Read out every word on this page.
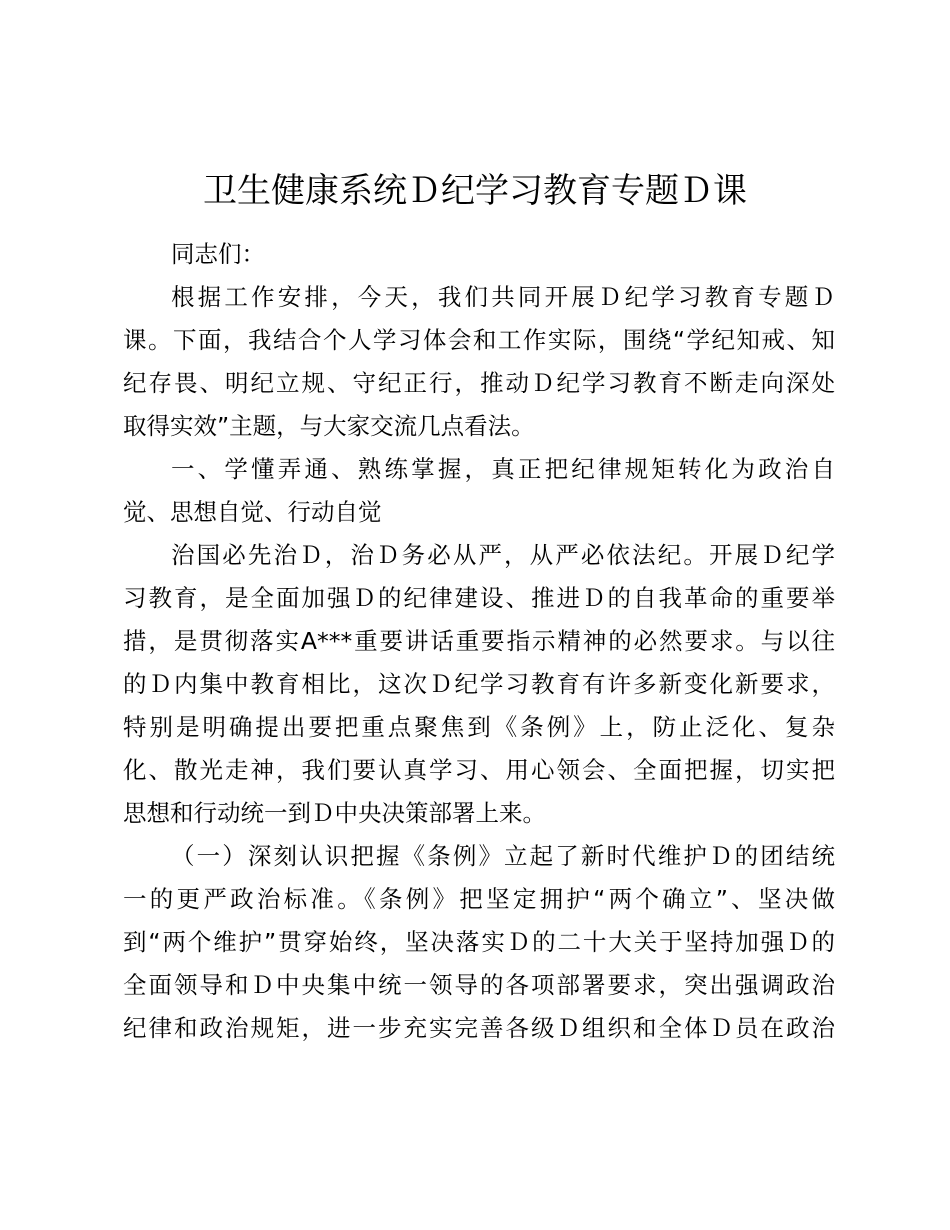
卫生健康系统Ｄ纪学习教育专题Ｄ课
同志们：
根据工作安排，今天，我们共同开展Ｄ纪学习教育专题Ｄ
课。下面，我结合个人学习体会和工作实际，围绕“学纪知戒、知
纪存畏、明纪立规、守纪正行，推动Ｄ纪学习教育不断走向深处
取得实效”主题，与大家交流几点看法。
一、学懂弄通、熟练掌握，真正把纪律规矩转化为政治自
觉、思想自觉、行动自觉
治国必先治Ｄ，治Ｄ务必从严，从严必依法纪。开展Ｄ纪学
习教育，是全面加强Ｄ的纪律建设、推进Ｄ的自我革命的重要举
措，是贯彻落实A***重要讲话重要指示精神的必然要求。与以往
的Ｄ内集中教育相比，这次Ｄ纪学习教育有许多新变化新要求，
特别是明确提出要把重点聚焦到《条例》上，防止泛化、复杂
化、散光走神，我们要认真学习、用心领会、全面把握，切实把
思想和行动统一到Ｄ中央决策部署上来。
（一）深刻认识把握《条例》立起了新时代维护Ｄ的团结统
一的更严政治标准。《条例》把坚定拥护“两个确立”、坚决做
到“两个维护”贯穿始终，坚决落实Ｄ的二十大关于坚持加强Ｄ的
全面领导和Ｄ中央集中统一领导的各项部署要求，突出强调政治
纪律和政治规矩，进一步充实完善各级Ｄ组织和全体Ｄ员在政治
